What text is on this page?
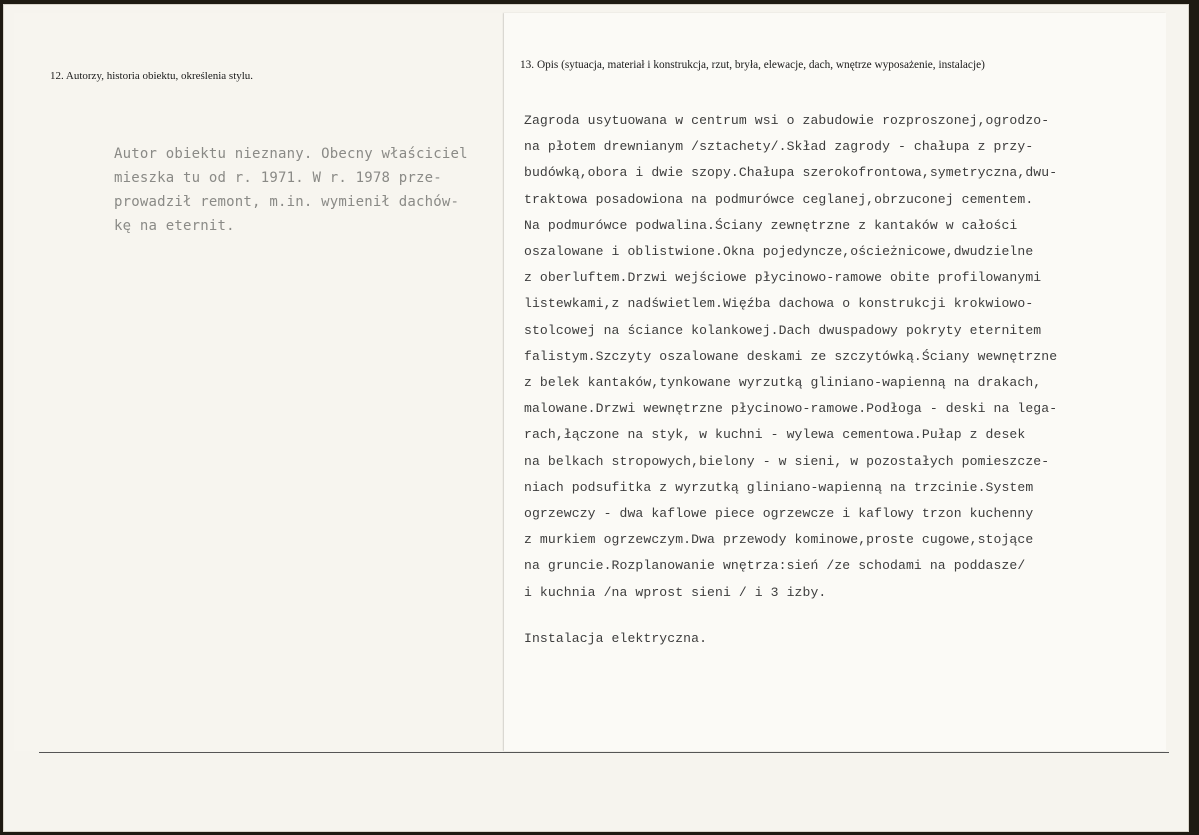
12. Autorzy, historia obiektu, określenia stylu.
Autor obiektu nieznany. Obecny właściciel
mieszka tu od r. 1971. W r. 1978 prze-
prowadził remont, m.in. wymienił dachów-
kę na eternit.
13. Opis (sytuacja, materiał i konstrukcja, rzut, bryła, elewacje, dach, wnętrze wyposażenie, instalacje)
Zagroda usytuowana w centrum wsi o zabudowie rozproszonej,ogrodzo-
na płotem drewnianym /sztachety/.Skład zagrody - chałupa z przy-
budówką,obora i dwie szopy.Chałupa szerokofrontowa,symetryczna,dwu-
traktowa posadowiona na podmurówce ceglanej,obrzuconej cementem.
Na podmurówce podwalina.Ściany zewnętrzne z kantaków w całości
oszalowane i oblistwione.Okna pojedyncze,ościeżnicowe,dwudzielne
z oberluftem.Drzwi wejściowe płycinowo-ramowe obite profilowanymi
listewkami,z nadświetlem.Więźba dachowa o konstrukcji krokwiowo-
stolcowej na ściance kolankowej.Dach dwuspadowy pokryty eternitem
falistym.Szczyty oszalowane deskami ze szczytówką.Ściany wewnętrzne
z belek kantaków,tynkowane wyrzutką gliniano-wapienną na drakach,
malowane.Drzwi wewnętrzne płycinowo-ramowe.Podłoga - deski na lega-
rach,łączone na styk, w kuchni - wylewa cementowa.Pułap z desek
na belkach stropowych,bielony - w sieni, w pozostałych pomieszcze-
niach podsufitka z wyrzutką gliniano-wapienną na trzcinie.System
ogrzewczy - dwa kaflowe piece ogrzewcze i kaflowy trzon kuchenny
z murkiem ogrzewczym.Dwa przewody kominowe,proste cugowe,stojące
na gruncie.Rozplanowanie wnętrza:sień /ze schodami na poddasze/
i kuchnia /na wprost sieni / i 3 izby.
Instalacja elektryczna.
